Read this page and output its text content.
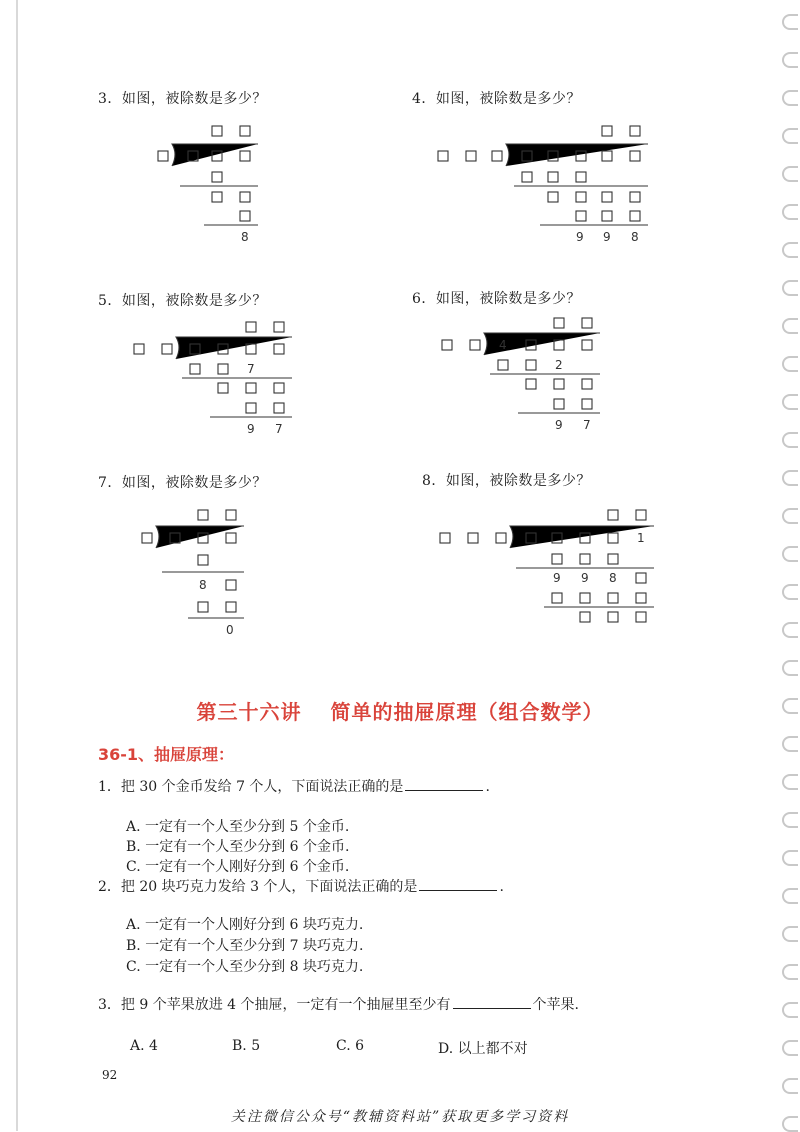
3．如图，被除数是多少？
8
4．如图，被除数是多少？
9 9 8
5．如图，被除数是多少？
7
9 7
6．如图，被除数是多少？
4
2
9 7
7．如图，被除数是多少？
8
0
8．如图，被除数是多少？
1
9 9 8
第三十六讲　 简单的抽屉原理（组合数学）
36-1、抽屉原理：
1．把 30 个金币发给 7 个人，下面说法正确的是	.
A. 一定有一个人至少分到 5 个金币.
B. 一定有一个人至少分到 6 个金币.
C. 一定有一个人刚好分到 6 个金币.
2．把 20 块巧克力发给 3 个人，下面说法正确的是	.
A. 一定有一个人刚好分到 6 块巧克力.
B. 一定有一个人至少分到 7 块巧克力.
C. 一定有一个人至少分到 8 块巧克力.
3．把 9 个苹果放进 4 个抽屉，一定有一个抽屉里至少有	个苹果.
A. 4	B. 5	C. 6	D. 以上都不对
92
关注微信公众号“教辅资料站”获取更多学习资料
